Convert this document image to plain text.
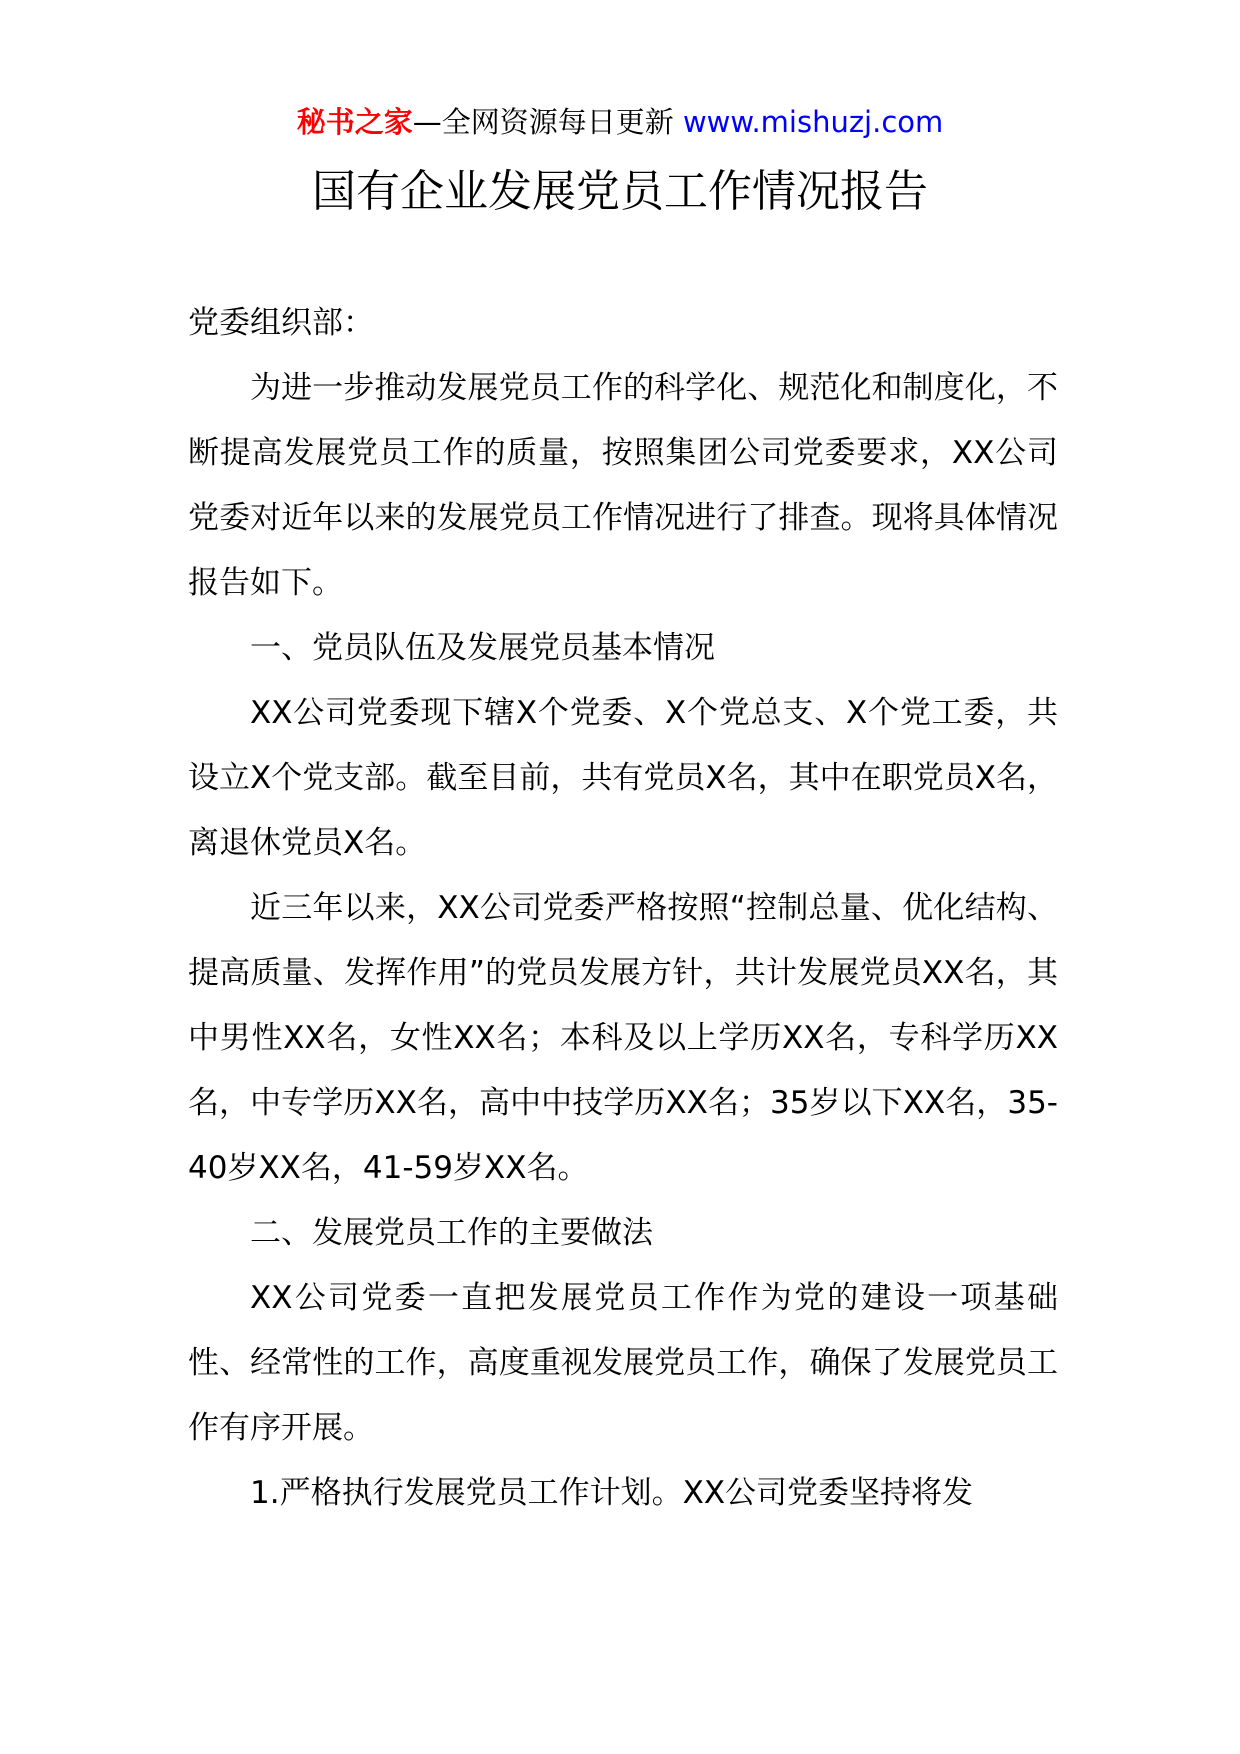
秘书之家—全网资源每日更新 www.mishuzj.com
国有企业发展党员工作情况报告

党委组织部：

为进一步推动发展党员工作的科学化、规范化和制度化，不断提高发展党员工作的质量，按照集团公司党委要求，XX公司党委对近年以来的发展党员工作情况进行了排查。现将具体情况报告如下。

一、党员队伍及发展党员基本情况

XX公司党委现下辖X个党委、X个党总支、X个党工委，共设立X个党支部。截至目前，共有党员X名，其中在职党员X名，离退休党员X名。

近三年以来，XX公司党委严格按照“控制总量、优化结构、提高质量、发挥作用”的党员发展方针，共计发展党员XX名，其中男性XX名，女性XX名；本科及以上学历XX名，专科学历XX名，中专学历XX名，高中中技学历XX名；35岁以下XX名，35-40岁XX名，41-59岁XX名。

二、发展党员工作的主要做法

XX公司党委一直把发展党员工作作为党的建设一项基础性、经常性的工作，高度重视发展党员工作，确保了发展党员工作有序开展。

1.严格执行发展党员工作计划。XX公司党委坚持将发
